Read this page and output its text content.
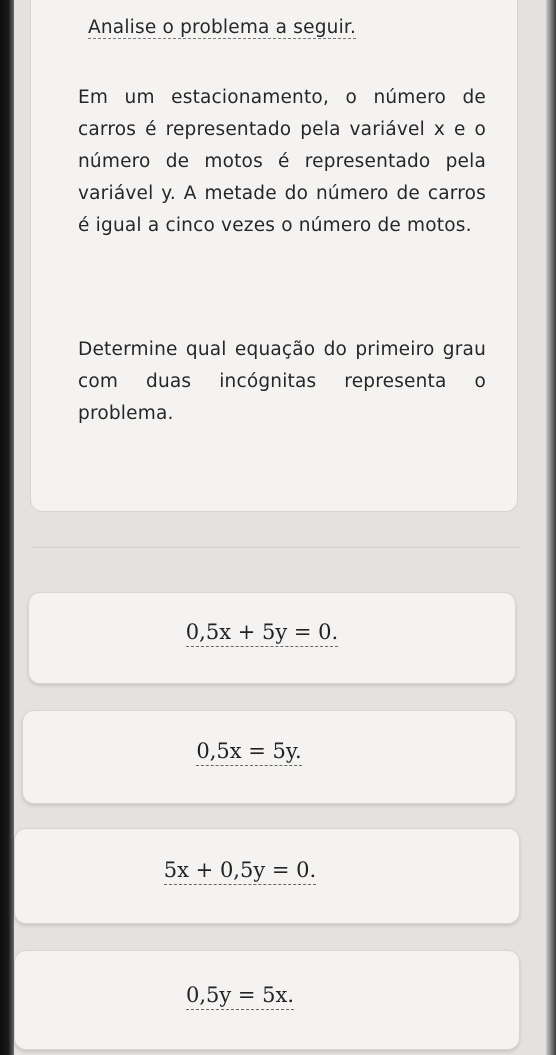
Analise o problema a seguir.
Em um estacionamento, o número de carros é representado pela variável x e o número de motos é representado pela variável y. A metade do número de carros é igual a cinco vezes o número de motos.
Determine qual equação do primeiro grau com duas incógnitas representa o problema.
0,5x + 5y = 0.
0,5x = 5y.
5x + 0,5y = 0.
0,5y = 5x.
